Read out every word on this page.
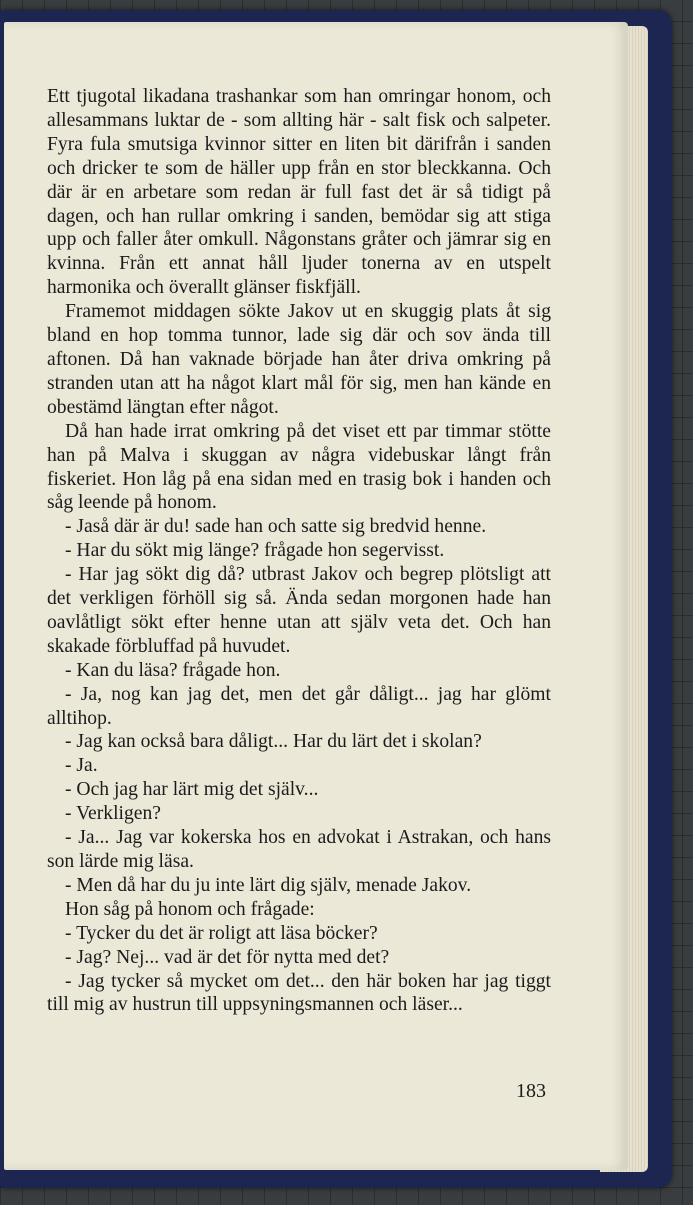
Ett tjugotal likadana trashankar som han omringar honom, och allesammans luktar de - som allting här - salt fisk och salpeter. Fyra fula smutsiga kvinnor sitter en liten bit därifrån i sanden och dricker te som de häller upp från en stor bleckkanna. Och där är en arbetare som redan är full fast det är så tidigt på dagen, och han rullar omkring i sanden, bemödar sig att stiga upp och faller åter omkull. Någonstans gråter och jämrar sig en kvinna. Från ett annat håll ljuder tonerna av en utspelt harmonika och överallt glänser fiskfjäll.

Framemot middagen sökte Jakov ut en skuggig plats åt sig bland en hop tomma tunnor, lade sig där och sov ända till aftonen. Då han vaknade började han åter driva omkring på stranden utan att ha något klart mål för sig, men han kände en obestämd längtan efter något.

Då han hade irrat omkring på det viset ett par timmar stötte han på Malva i skuggan av några videbuskar långt från fiskeriet. Hon låg på ena sidan med en trasig bok i handen och såg leende på honom.

- Jaså där är du! sade han och satte sig bredvid henne.

- Har du sökt mig länge? frågade hon segervisst.

- Har jag sökt dig då? utbrast Jakov och begrep plötsligt att det verkligen förhöll sig så. Ända sedan morgonen hade han oavlåtligt sökt efter henne utan att själv veta det. Och han skakade förbluffad på huvudet.

- Kan du läsa? frågade hon.

- Ja, nog kan jag det, men det går dåligt... jag har glömt alltihop.

- Jag kan också bara dåligt... Har du lärt det i skolan?

- Ja.

- Och jag har lärt mig det själv...

- Verkligen?

- Ja... Jag var kokerska hos en advokat i Astrakan, och hans son lärde mig läsa.

- Men då har du ju inte lärt dig själv, menade Jakov.

Hon såg på honom och frågade:

- Tycker du det är roligt att läsa böcker?

- Jag? Nej... vad är det för nytta med det?

- Jag tycker så mycket om det... den här boken har jag tiggt till mig av hustrun till uppsyningsmannen och läser...

183
